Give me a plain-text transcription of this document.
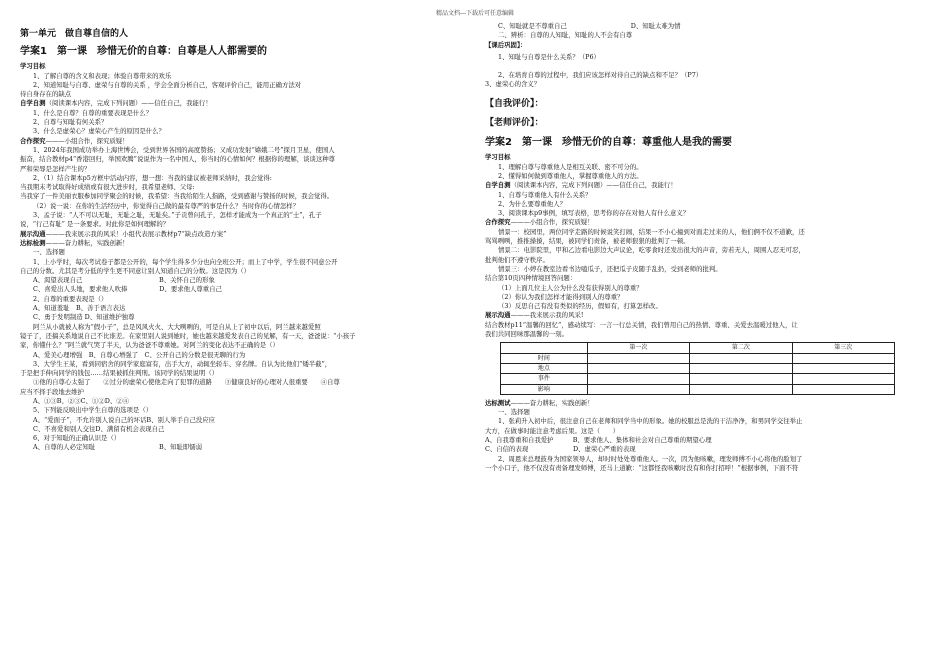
精品文档---下载后可任意编辑
第一单元　做自尊自信的人
学案1　第一课　珍惜无价的自尊：自尊是人人都需要的
学习目标
1、了解自尊的含义和表现；体验自尊带来的欢乐
2、知道知耻与自尊、虚荣与自尊的关系 ，学会全面分析自己，客观评价自己，能用正确方法对
待自身存在的缺点
自学自测（阅读课本内容，完成下列问题）——信任自己，我能行！
1、什么是自尊？自尊的重要表现是什么？
2、自尊与知耻有何关系？
3、什么是虚荣心？虚荣心产生的原因是什么？
合作探究———小组合作，探究质疑！
1、2024年我国成功举办上海世博会，受到世界各国的高度赞扬；又成功发射“嫦娥二号”探月卫星，使国人
振奋，结合教材p4“香港回归，举国欢腾”说说作为一名中国人，你当时的心情如何？根据你的理解，谈谈这种尊
严和荣辱是怎样产生的？
2、（1）结合课本p5方框中活动内容，想一想：当我的建议被老师采纳时，我会觉得:
当我期末考试取得好成绩或有很大进步时，我希望老师、父母:
当我穿了一件美丽衣服参加同学聚会的时候，我希望：当我给陌生人指路，受到感谢与赞扬的时候，我会觉得。
（2）说一说：在你的生活经历中，你觉得自己做的最有尊严的事是什么？当时你的心情怎样？
3、孟子说：“人不可以无耻，无耻之耻，无耻矣。”子贡曾问孔子，怎样才能成为一个真正的“士”，孔子
说，“行己有耻” 是一条要求。对此你是如何理解的？
展示沟通———我来展示我的风采！小组代表展示教材p7“缺点改造方案”
达标检测———奋力耕耘，实践创新！
一、选择题
1、上小学时，每次考试卷子都是公开的，每个学生得多少分也向全班公开；而上了中学，学生很不同意公开
自己的分数。尤其是考分低的学生更不同意让别人知道自己的分数。这是因为（）
A、渴望表现自己　　　　　　　　　　　　B、关怀自己的形象
C、喜爱出人头地，要求他人吹捧　　　　　D、要求他人尊重自己
2、自尊的重要表现是（）
A、知道羞耻　B、善于语言表达
C、勇于发明制造 D、知道维护独尊
阿兰从小就被人称为“假小子”，总是风风火火、大大咧咧的，可是自从上了初中以后，阿兰越来越爱照
镜子了，还搞关系地说自己不比谁差。在家里别人说到她时，她也越来越爱发表自己的见解，有一天，爸爸说：“小孩子
家，你懂什么？”阿兰就气哭了半天，认为爸爸不尊重她。对阿兰的变化表达不正确的是（）
A、爱美心理增强　B、自尊心增强了　C、公开自己的分数是很无聊的行为
3、大学生王某，看到同宿舍的同学家庭富有，出手大方，动辄坐轿车、穿名牌。自认为比他们“矮半截”，
于是把手伸向同学的钱包……结果被抓住判刑。该同学的结果说明（）
①他的自尊心太强了　　②过分的虚荣心使他走向了犯罪的道路　　③健康良好的心理对人很重要　　④自尊
应当不择手段地去维护
A、①③B、②③C、①②D、②④
5、下列能反映出中学生自尊的选项是（）
A、“爱面子”，不允许别人说自己的坏话B、别人举手自己没应应
C、不喜爱和别人交往D、满留有机会表现自己
6、对于知耻的正确认识是（）
A、自尊的人必定知耻　　　　　　　　　　B、知耻即懦弱
C、知耻就是不尊重自己　　　　　　　　　　D、知耻太难为情
二、辨析：自尊的人知耻，知耻的人不会有自尊
【课后巩固】：
1、知耻与自尊是什么关系？（P6）
2、在培育自尊的过程中，我们应该怎样对待自己的缺点和不足？（P7）
3、虚荣心的含义？
【自我评价】：
【老师评价】：
学案2　第一课　珍惜无价的自尊：尊重他人是我的需要
学习目标
1、理解自尊与尊重他人是相互关联、密不可分的。
2、懂得如何做到尊重他人，掌握尊重他人的方法。
自学自测（阅读课本内容，完成下列问题）——信任自己，我能行！
1、自尊与尊重他人有什么关系？
2、为什么要尊重他人？
3、阅读课本p9事例，填写表格，思考你的存在对他人有什么意义？
合作探究———小组合作，探究质疑！
情景一：校园里，两位同学走路的时候说笑打闹，结果一不小心撞到对面走过来的人，他们俩不仅不道歉，还
骂骂咧咧，推推搡搡，结果，被同学们责备，被老师狠狠的批判了一顿。
情景二：电影院里，甲和乙边看电影边大声议论，吃零食时还发出很大的声音，旁若无人，周围人忍无可忍，
批判他们不遵守秩序。
情景三：小婷在教室边看书边嗑瓜子，还把瓜子皮随手乱扔，受到老师的批判。
结合第10页四种情境回答问题：
（1）上面几位主人公为什么没有获得别人的尊重？
（2）你认为我们怎样才能得到别人的尊重？
（3）反思自己有没有类似的经历，假如有，打算怎样改。
展示沟通———我来展示我的风采!
结合教材p11“温馨的回忆”，感动续写：一言一行总关情，我们曾用自己的热情、尊重、关爱去温暖过他人，让
我们共同回味那温馨的一刻。
	第一次	第二次	第三次
时间			
地点			
事件			
影响			
达标测试———奋力耕耘，实践创新！
一、选择题
1、张莉升入初中后，很注意自己在老师和同学当中的形象。她的校服总是洗的干洁净净，和男同学交往举止
大方，在做事时能注意考虑后果。这是（　　）
A、自我尊重和自我爱护　　　B、要求他人、集体和社会对自己尊重的期望心理
C、自信的表现　　　　　　　D、虚荣心严重的表现
2、周恩来总理鼓身为国家领导人，却时时处处尊重他人。一次，因为他咳嗽，理发师傅不小心将他的脸划了
一个小口子，他不仅没有责备理发师傅，还马上道歉：“这都怪我咳嗽时没有和你打招呼！”根据事例，下面不符
